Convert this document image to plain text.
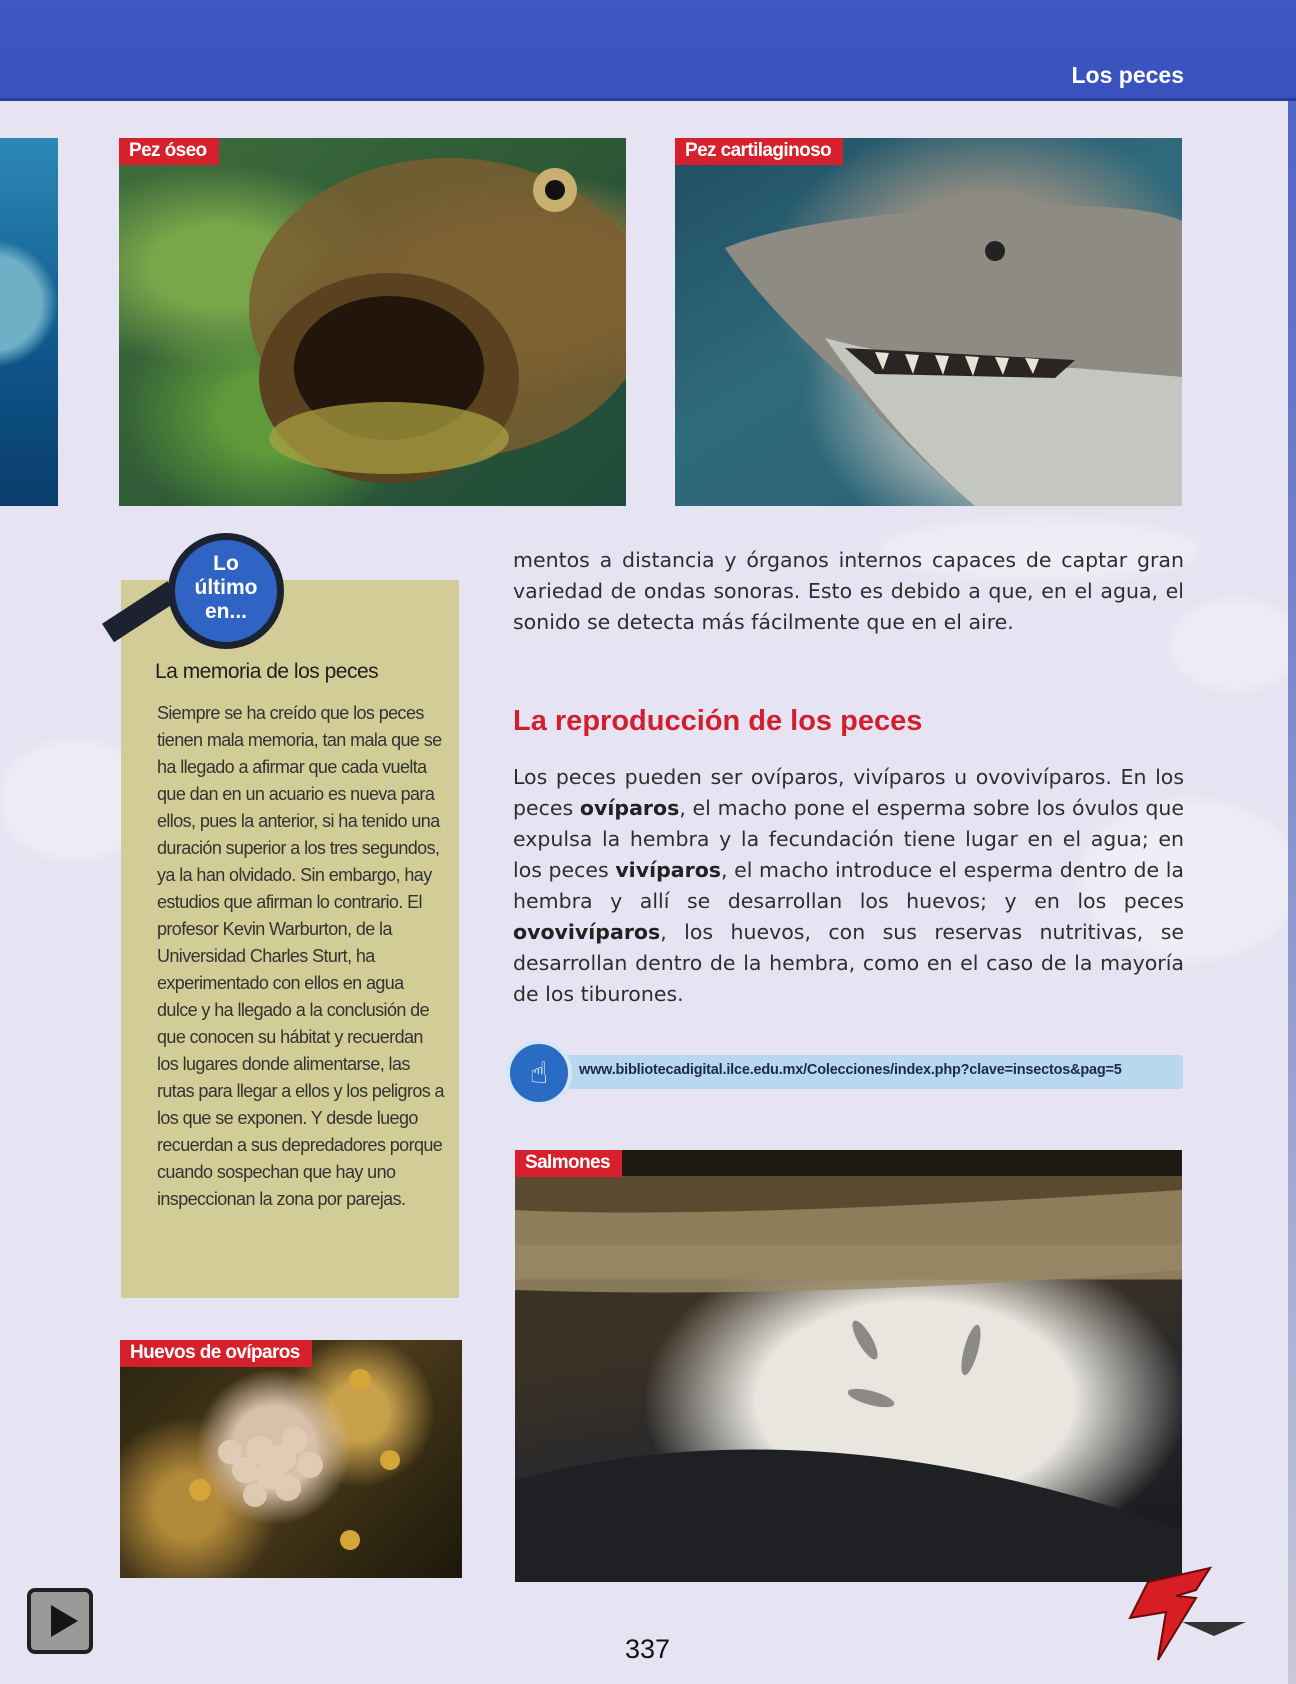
Los peces
Pez óseo	Pez cartilaginoso
Lo
último
en...
La memoria de los peces

Siempre se ha creído que los peces tienen mala memoria, tan mala que se ha llegado a afirmar que cada vuelta que dan en un acuario es nueva para ellos, pues la anterior, si ha tenido una duración superior a los tres segundos, ya la han olvidado. Sin embargo, hay estudios que afirman lo contrario. El profesor Kevin Warburton, de la Universidad Charles Sturt, ha experimentado con ellos en agua dulce y ha llegado a la conclusión de que conocen su hábitat y recuerdan los lugares donde alimentarse, las rutas para llegar a ellos y los peligros a los que se exponen. Y desde luego recuerdan a sus depredadores porque cuando sospechan que hay uno inspeccionan la zona por parejas.

mentos a distancia y órganos internos capaces de captar gran variedad de ondas sonoras. Esto es debido a que, en el agua, el sonido se detecta más fácilmente que en el aire.

La reproducción de los peces

Los peces pueden ser ovíparos, vivíparos u ovovivíparos. En los peces ovíparos, el macho pone el esperma sobre los óvulos que expulsa la hembra y la fecundación tiene lugar en el agua; en los peces vivíparos, el macho introduce el esperma dentro de la hembra y allí se desarrollan los huevos; y en los peces ovovivíparos, los huevos, con sus reservas nutritivas, se desarrollan dentro de la hembra, como en el caso de la mayoría de los tiburones.

www.bibliotecadigital.ilce.edu.mx/Colecciones/index.php?clave=insectos&pag=5
☝
Huevos de ovíparos
Salmones
337
